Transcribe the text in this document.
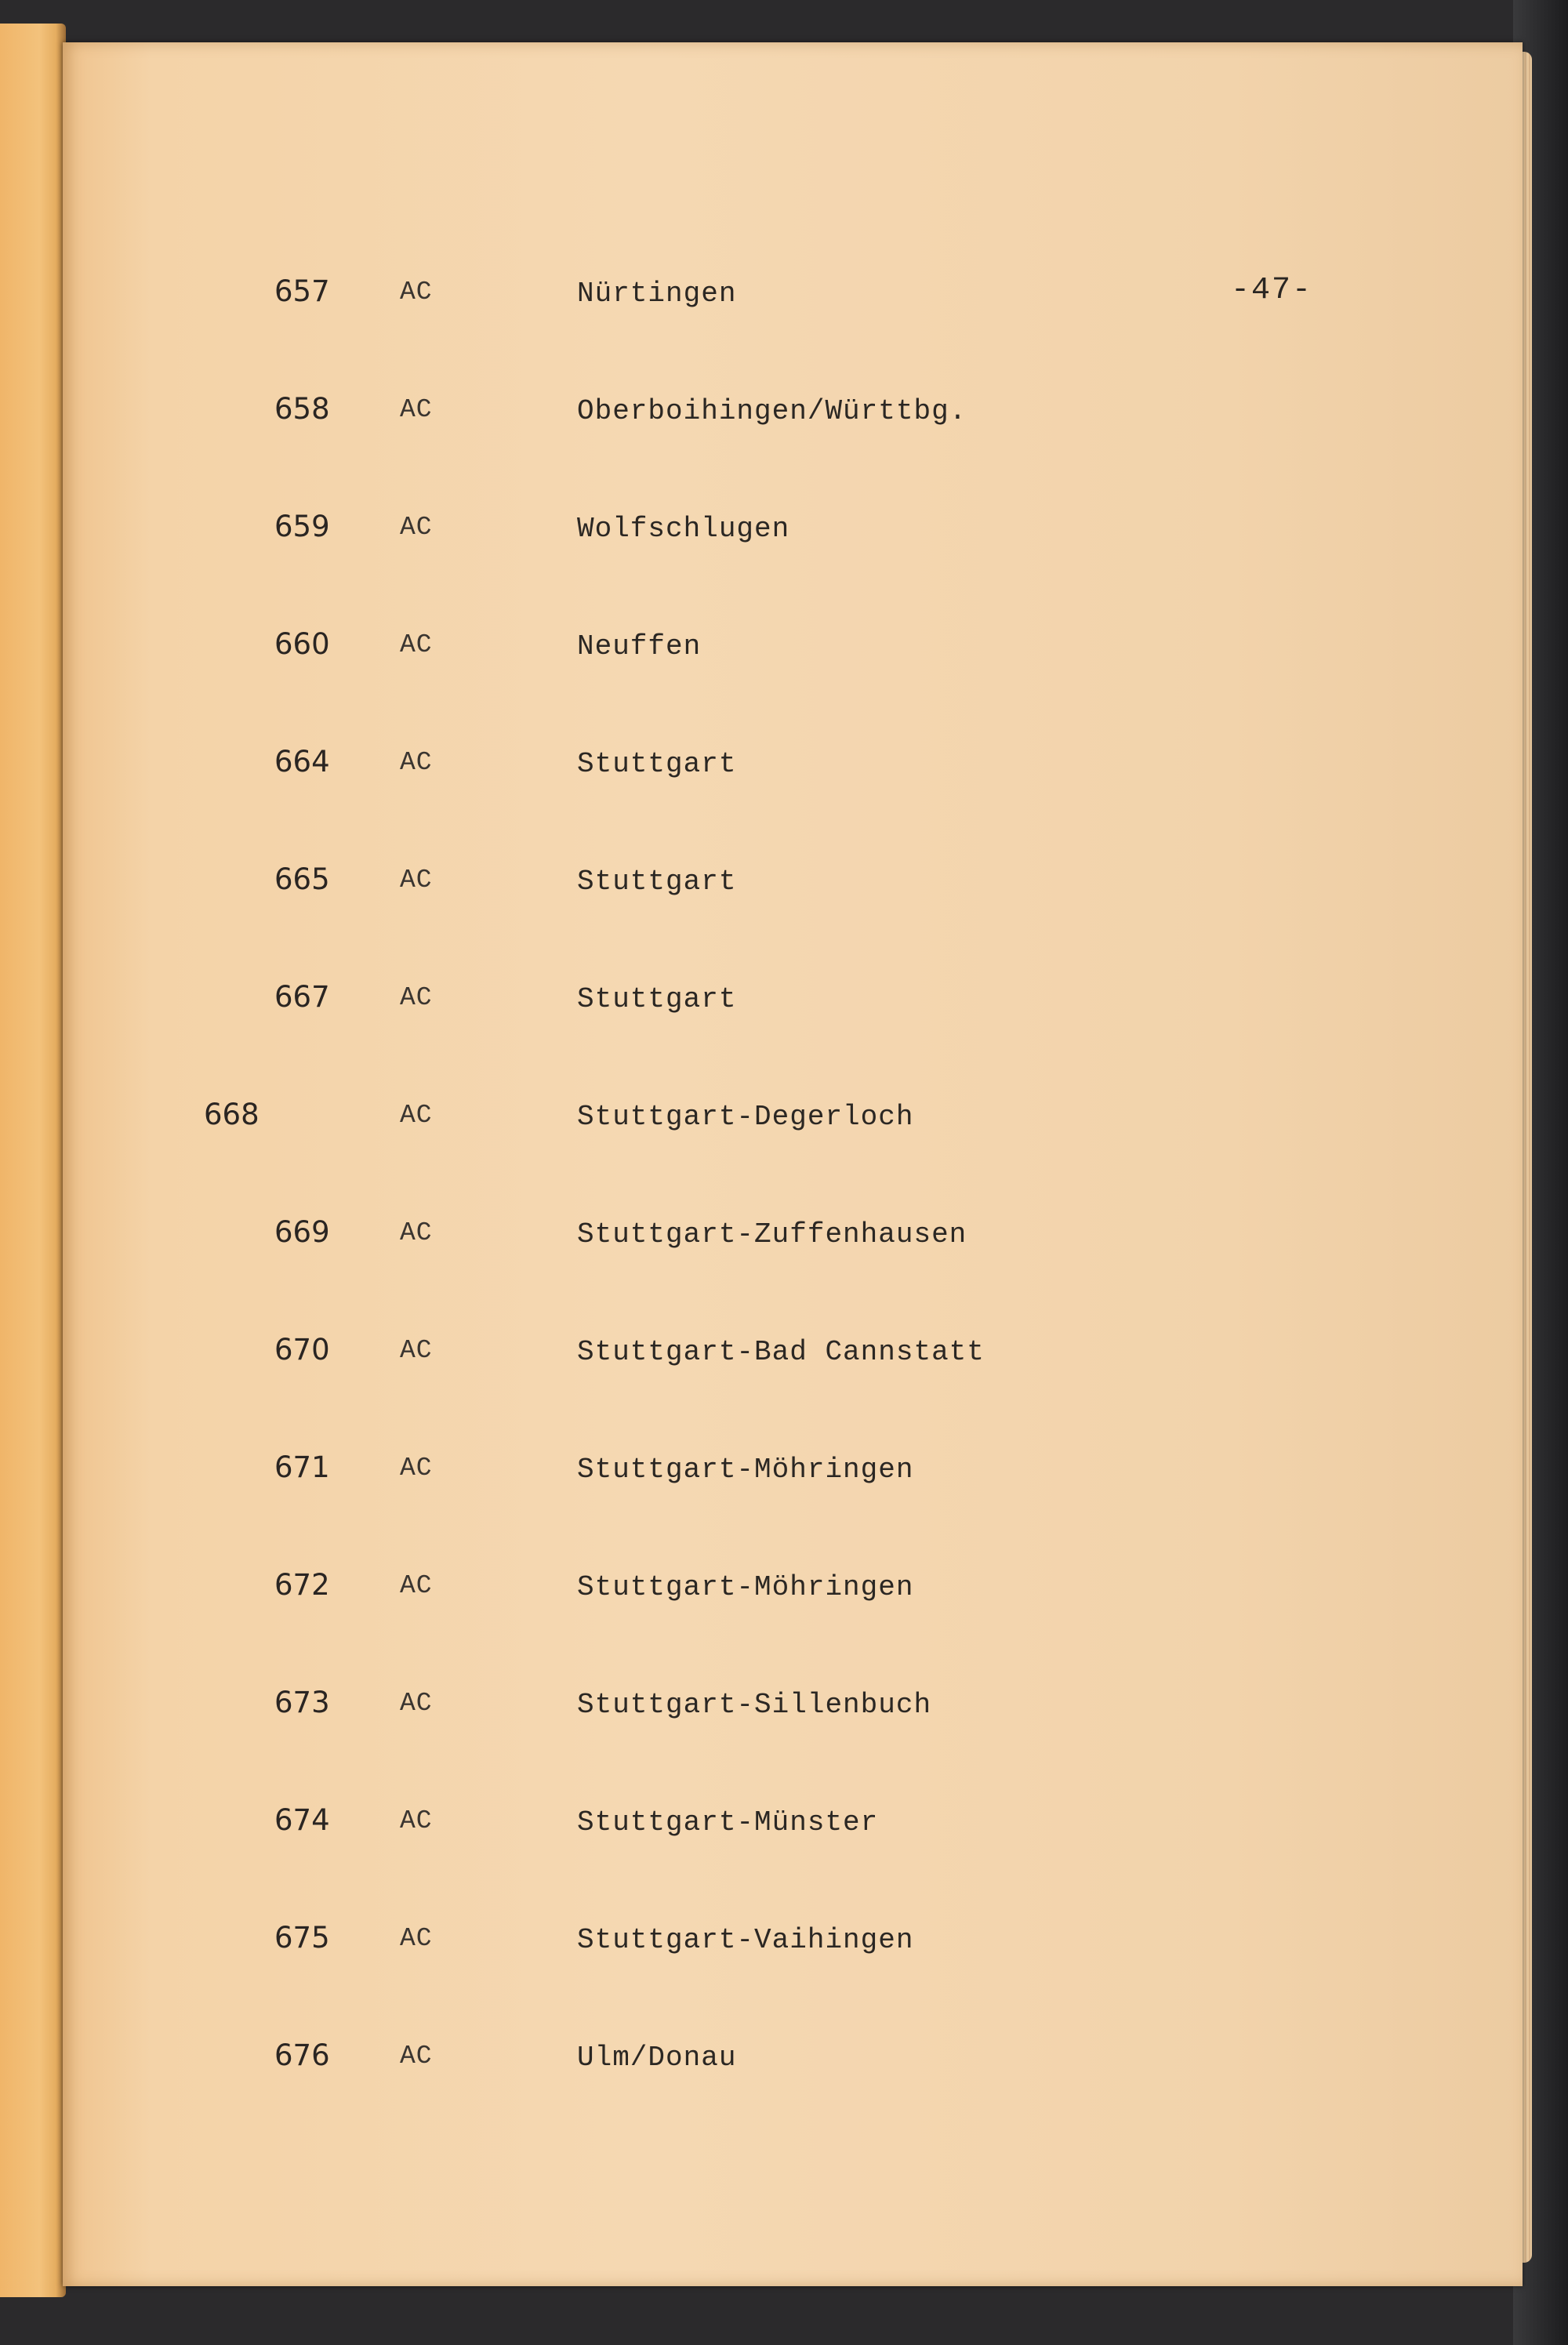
-47-
657	AC	Nürtingen
658	AC	Oberboihingen/Württbg.
659	AC	Wolfschlugen
660	AC	Neuffen
664	AC	Stuttgart
665	AC	Stuttgart
667	AC	Stuttgart
668	AC	Stuttgart-Degerloch
669	AC	Stuttgart-Zuffenhausen
670	AC	Stuttgart-Bad Cannstatt
671	AC	Stuttgart-Möhringen
672	AC	Stuttgart-Möhringen
673	AC	Stuttgart-Sillenbuch
674	AC	Stuttgart-Münster
675	AC	Stuttgart-Vaihingen
676	AC	Ulm/Donau
